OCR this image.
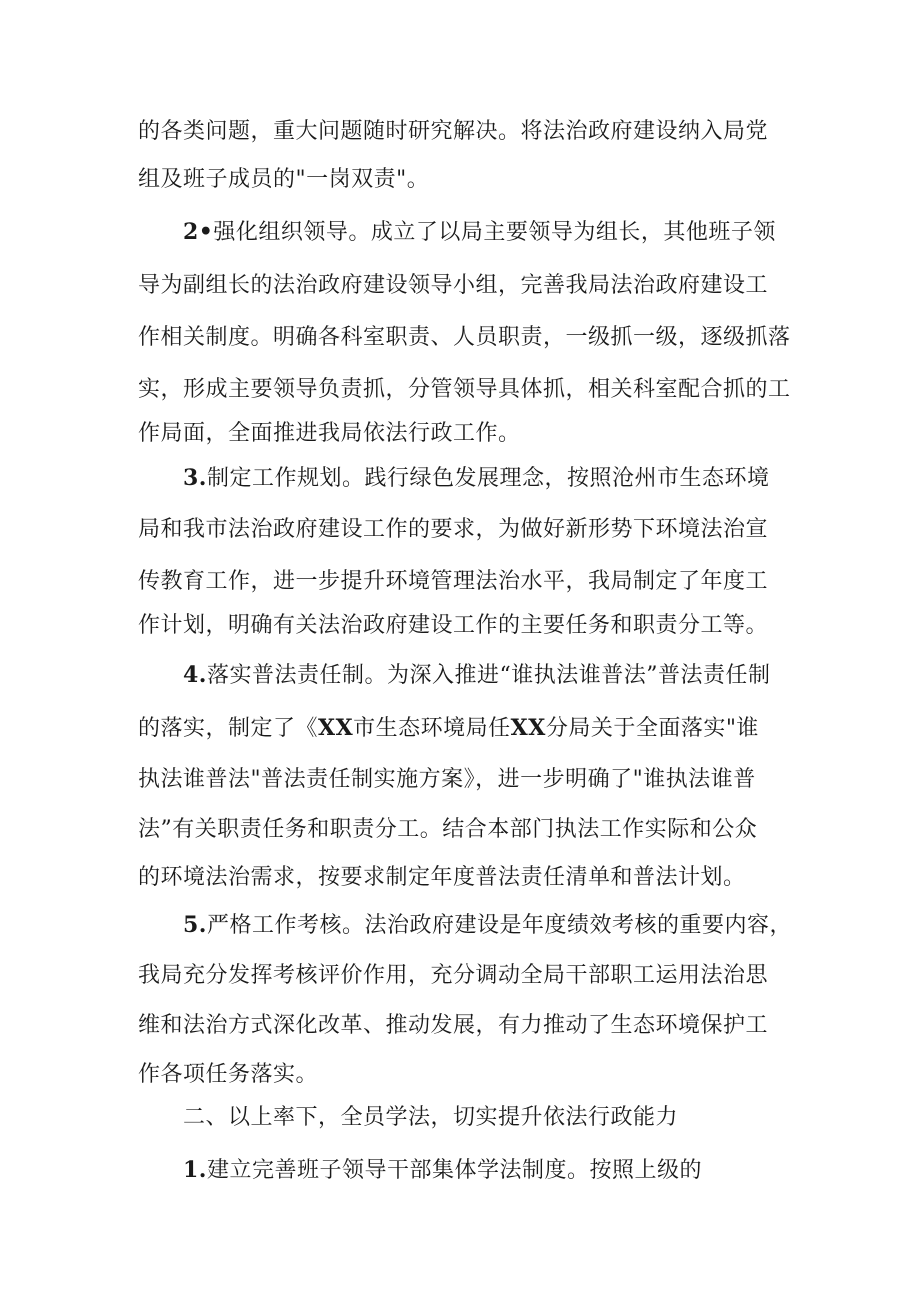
的各类问题，重大问题随时研究解决。将法治政府建设纳入局党
组及班子成员的"一岗双责"。
2•强化组织领导。成立了以局主要领导为组长，其他班子领
导为副组长的法治政府建设领导小组，完善我局法治政府建设工
作相关制度。明确各科室职责、人员职责，一级抓一级，逐级抓落
实，形成主要领导负责抓，分管领导具体抓，相关科室配合抓的工
作局面，全面推进我局依法行政工作。
3.制定工作规划。践行绿色发展理念，按照沧州市生态环境
局和我市法治政府建设工作的要求，为做好新形势下环境法治宣
传教育工作，进一步提升环境管理法治水平，我局制定了年度工
作计划，明确有关法治政府建设工作的主要任务和职责分工等。
4.落实普法责任制。为深入推进“谁执法谁普法”普法责任制
的落实，制定了《XX市生态环境局任XX分局关于全面落实"谁
执法谁普法"普法责任制实施方案》，进一步明确了"谁执法谁普
法”有关职责任务和职责分工。结合本部门执法工作实际和公众
的环境法治需求，按要求制定年度普法责任清单和普法计划。
5.严格工作考核。法治政府建设是年度绩效考核的重要内容，
我局充分发挥考核评价作用，充分调动全局干部职工运用法治思
维和法治方式深化改革、推动发展，有力推动了生态环境保护工
作各项任务落实。
二、以上率下，全员学法，切实提升依法行政能力
1.建立完善班子领导干部集体学法制度。按照上级的
